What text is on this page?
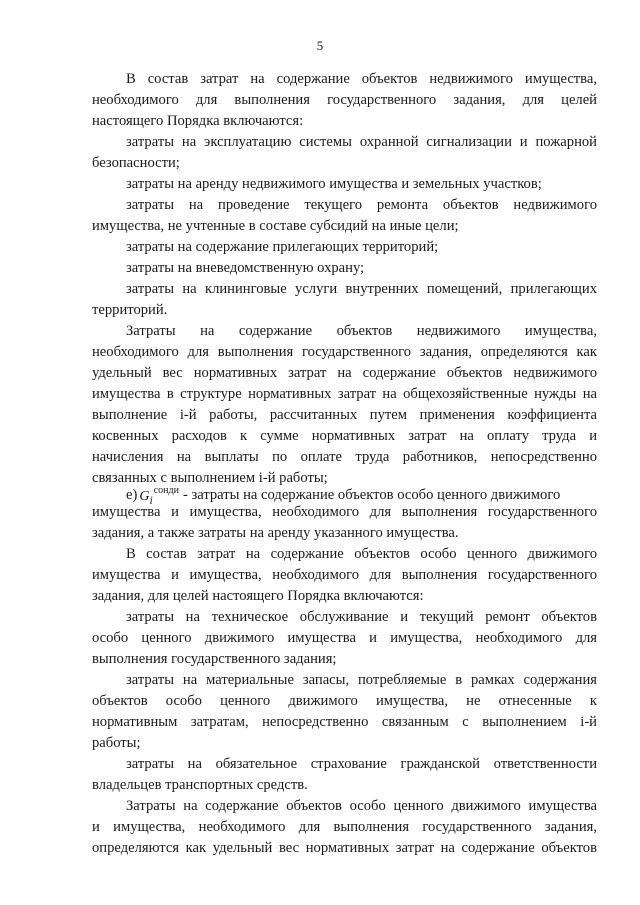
5
В состав затрат на содержание объектов недвижимого имущества,
необходимого для выполнения государственного задания, для целей
настоящего Порядка включаются:
затраты на эксплуатацию системы охранной сигнализации и пожарной
безопасности;
затраты на аренду недвижимого имущества и земельных участков;
затраты на проведение текущего ремонта объектов недвижимого
имущества, не учтенные в составе субсидий на иные цели;
затраты на содержание прилегающих территорий;
затраты на вневедомственную охрану;
затраты на клининговые услуги внутренних помещений, прилегающих
территорий.
Затраты на содержание объектов недвижимого имущества,
необходимого для выполнения государственного задания, определяются как
удельный вес нормативных затрат на содержание объектов недвижимого
имущества в структуре нормативных затрат на общехозяйственные нужды на
выполнение i-й работы, рассчитанных путем применения коэффициента
косвенных расходов к сумме нормативных затрат на оплату труда и
начисления на выплаты по оплате труда работников, непосредственно
связанных с выполнением i-й работы;
е) $G_i^{сонди}$ - затраты на содержание объектов особо ценного движимого
имущества и имущества, необходимого для выполнения государственного
задания, а также затраты на аренду указанного имущества.
В состав затрат на содержание объектов особо ценного движимого
имущества и имущества, необходимого для выполнения государственного
задания, для целей настоящего Порядка включаются:
затраты на техническое обслуживание и текущий ремонт объектов
особо ценного движимого имущества и имущества, необходимого для
выполнения государственного задания;
затраты на материальные запасы, потребляемые в рамках содержания
объектов особо ценного движимого имущества, не отнесенные к
нормативным затратам, непосредственно связанным с выполнением i-й
работы;
затраты на обязательное страхование гражданской ответственности
владельцев транспортных средств.
Затраты на содержание объектов особо ценного движимого имущества
и имущества, необходимого для выполнения государственного задания,
определяются как удельный вес нормативных затрат на содержание объектов
